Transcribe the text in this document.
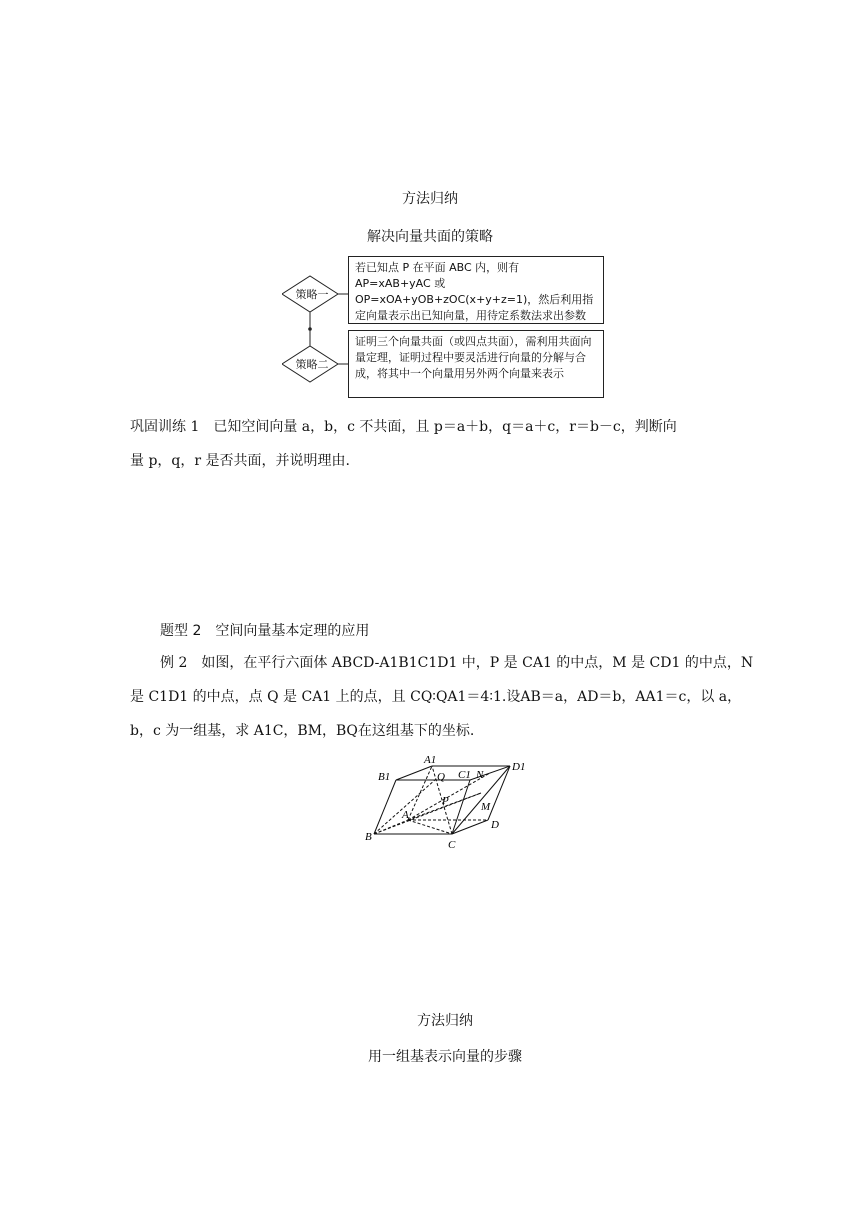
方法归纳
解决向量共面的策略
策略一
策略二
若已知点 P 在平面 ABC 内，则有 AP=xAB+yAC 或 OP=xOA+yOB+zOC(x+y+z=1)，然后利用指定向量表示出已知向量，用待定系数法求出参数
证明三个向量共面（或四点共面），需利用共面向量定理，证明过程中要灵活进行向量的分解与合成，将其中一个向量用另外两个向量来表示
巩固训练 1　已知空间向量 a，b，c 不共面，且 p＝a＋b，q＝a＋c，r＝b－c，判断向
量 p，q，r 是否共面，并说明理由.
题型 2　空间向量基本定理的应用
例 2　如图，在平行六面体 ABCD-A1B1C1D1 中，P 是 CA1 的中点，M 是 CD1 的中点，N
是 C1D1 的中点，点 Q 是 CA1 上的点，且 CQ∶QA1＝4∶1.设AB＝a，AD＝b，AA1＝c，以 a，
b，c 为一组基，求 A1C，BM，BQ在这组基下的坐标.
A1
B1	C1
D1
A
B
C
D
P
Q
M
N
方法归纳
用一组基表示向量的步骤
